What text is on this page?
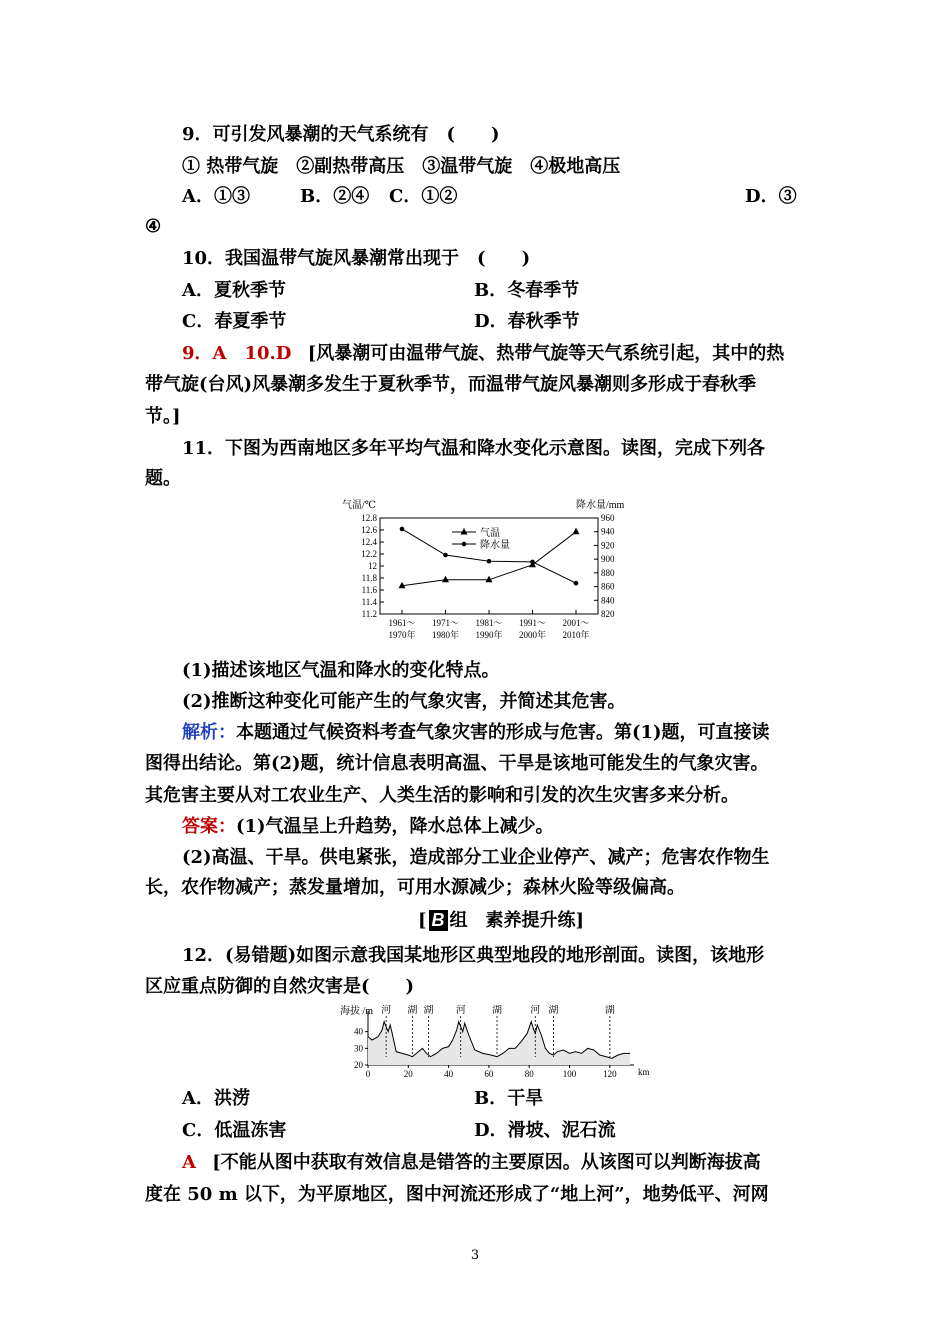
9．可引发风暴潮的天气系统有　(　　)
① 热带气旋　②副热带高压　③温带气旋　④极地高压
A．①③	B．②④ C．①②	D．③
④
10．我国温带气旋风暴潮常出现于　(　　)
A．夏秋季节	B．冬春季节
C．春夏季节	D．春秋季节
9．A　10.D [风暴潮可由温带气旋、热带气旋等天气系统引起，其中的热
带气旋(台风)风暴潮多发生于夏秋季节，而温带气旋风暴潮则多形成于春秋季
节。]
11．下图为西南地区多年平均气温和降水变化示意图。读图，完成下列各
题。
气温/℃	降水量/mm
12.8
12.6
12.4
12.2
12
11.8
11.6
11.4
11.2
960
940
920
900
880
860
840
820
1961～
1970年
1971～
1980年
1981～
1990年
1991～
2000年
2001～
2010年
气温
降水量
(1)描述该地区气温和降水的变化特点。
(2)推断这种变化可能产生的气象灾害，并简述其危害。
解析：本题通过气候资料考查气象灾害的形成与危害。第(1)题，可直接读
图得出结论。第(2)题，统计信息表明高温、干旱是该地可能发生的气象灾害。
其危害主要从对工农业生产、人类生活的影响和引发的次生灾害多来分析。
答案：(1)气温呈上升趋势，降水总体上减少。
(2)高温、干旱。供电紧张，造成部分工业企业停产、减产；危害农作物生
长，农作物减产；蒸发量增加，可用水源减少；森林火险等级偏高。
[ B 组　素养提升练]
12．(易错题)如图示意我国某地形区典型地段的地形剖面。读图，该地形
区应重点防御的自然灾害是(　　)
海拔 /m
km
40
30
20
0	20	40	60	80	100	120
河 湖 湖 河	湖	河 湖	湖
A．洪涝	B．干旱
C．低温冻害	D．滑坡、泥石流
A [不能从图中获取有效信息是错答的主要原因。从该图可以判断海拔高
度在 50 m 以下，为平原地区，图中河流还形成了“地上河”，地势低平、河网
3
